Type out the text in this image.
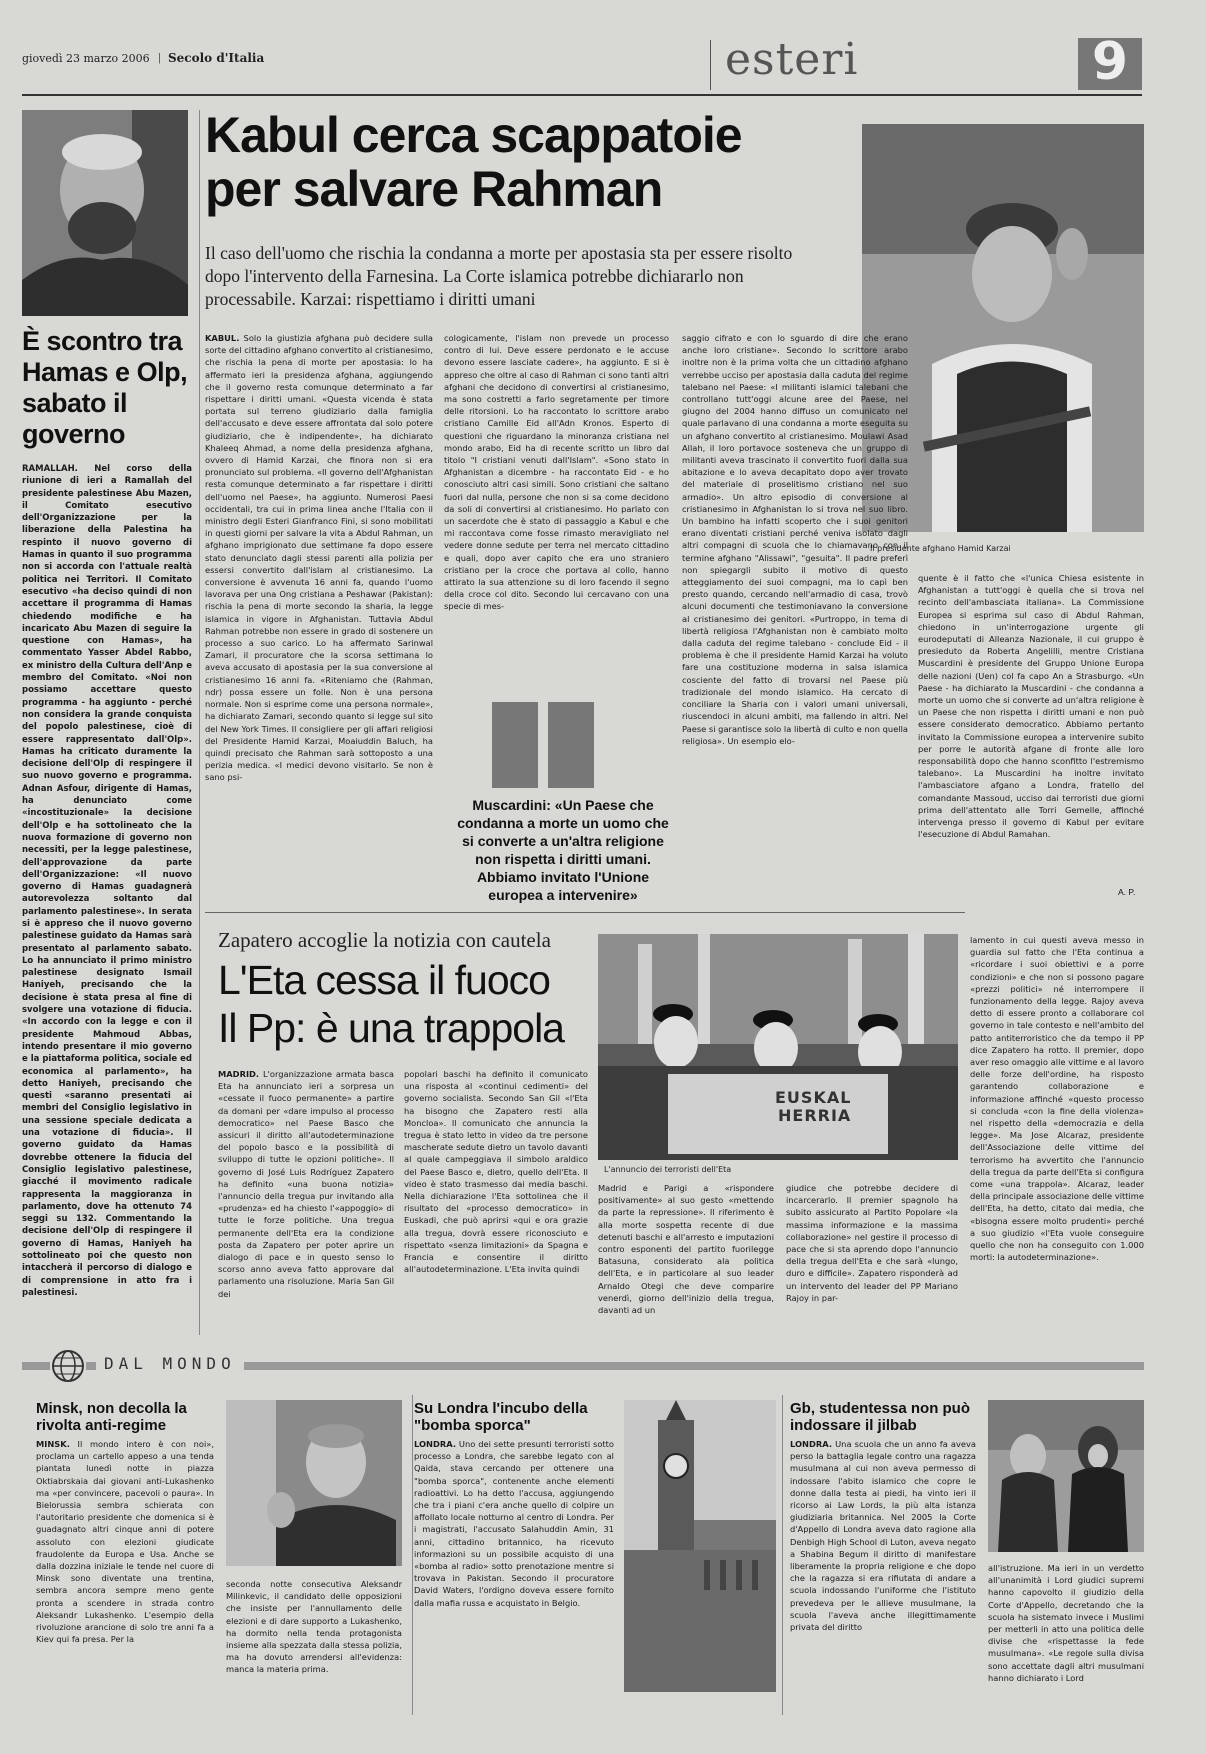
giovedì 23 marzo 2006 | Secolo d'Italia	esteri	9
È scontro tra Hamas e Olp, sabato il governo
RAMALLAH. Nel corso della riunione di ieri a Ramallah del presidente palestinese Abu Mazen, il Comitato esecutivo dell'Organizzazione per la liberazione della Palestina ha respinto il nuovo governo di Hamas in quanto il suo programma non si accorda con l'attuale realtà politica nei Territori. Il Comitato esecutivo «ha deciso quindi di non accettare il programma di Hamas chiedendo modifiche e ha incaricato Abu Mazen di seguire la questione con Hamas», ha commentato Yasser Abdel Rabbo, ex ministro della Cultura dell'Anp e membro del Comitato. «Noi non possiamo accettare questo programma - ha aggiunto - perché non considera la grande conquista del popolo palestinese, cioè di essere rappresentato dall'Olp». Hamas ha criticato duramente la decisione dell'Olp di respingere il suo nuovo governo e programma. Adnan Asfour, dirigente di Hamas, ha denunciato come «incostituzionale» la decisione dell'Olp e ha sottolineato che la nuova formazione di governo non necessiti, per la legge palestinese, dell'approvazione da parte dell'Organizzazione: «Il nuovo governo di Hamas guadagnerà autorevolezza soltanto dal parlamento palestinese». In serata si è appreso che il nuovo governo palestinese guidato da Hamas sarà presentato al parlamento sabato. Lo ha annunciato il primo ministro palestinese designato Ismail Haniyeh, precisando che la decisione è stata presa al fine di svolgere una votazione di fiducia. «In accordo con la legge e con il presidente Mahmoud Abbas, intendo presentare il mio governo e la piattaforma politica, sociale ed economica al parlamento», ha detto Haniyeh, precisando che questi «saranno presentati ai membri del Consiglio legislativo in una sessione speciale dedicata a una votazione di fiducia». Il governo guidato da Hamas dovrebbe ottenere la fiducia del Consiglio legislativo palestinese, giacché il movimento radicale rappresenta la maggioranza in parlamento, dove ha ottenuto 74 seggi su 132. Commentando la decisione dell'Olp di respingere il governo di Hamas, Haniyeh ha sottolineato poi che questo non intaccherà il percorso di dialogo e di comprensione in atto fra i palestinesi.
Kabul cerca scappatoie per salvare Rahman
Il caso dell'uomo che rischia la condanna a morte per apostasia sta per essere risolto dopo l'intervento della Farnesina. La Corte islamica potrebbe dichiararlo non processabile. Karzai: rispettiamo i diritti umani
Il presidente afghano Hamid Karzai
KABUL. Solo la giustizia afghana può decidere sulla sorte del cittadino afghano convertito al cristianesimo, che rischia la pena di morte per apostasia: lo ha affermato ieri la presidenza afghana, aggiungendo che il governo resta comunque determinato a far rispettare i diritti umani. «Questa vicenda è stata portata sul terreno giudiziario dalla famiglia dell'accusato e deve essere affrontata dal solo potere giudiziario, che è indipendente», ha dichiarato Khaleeq Ahmad, a nome della presidenza afghana, ovvero di Hamid Karzai, che finora non si era pronunciato sul problema. «Il governo dell'Afghanistan resta comunque determinato a far rispettare i diritti dell'uomo nel Paese», ha aggiunto. Numerosi Paesi occidentali, tra cui in prima linea anche l'Italia con il ministro degli Esteri Gianfranco Fini, si sono mobilitati in questi giorni per salvare la vita a Abdul Rahman, un afghano imprigionato due settimane fa dopo essere stato denunciato dagli stessi parenti alla polizia per essersi convertito dall'islam al cristianesimo. La conversione è avvenuta 16 anni fa, quando l'uomo lavorava per una Ong cristiana a Peshawar (Pakistan): rischia la pena di morte secondo la sharia, la legge islamica in vigore in Afghanistan. Tuttavia Abdul Rahman potrebbe non essere in grado di sostenere un processo a suo carico. Lo ha affermato Sarinwal Zamari, il procuratore che la scorsa settimana lo aveva accusato di apostasia per la sua conversione al cristianesimo 16 anni fa. «Riteniamo che (Rahman, ndr) possa essere un folle. Non è una persona normale. Non si esprime come una persona normale», ha dichiarato Zamari, secondo quanto si legge sul sito del New York Times. Il consigliere per gli affari religiosi del Presidente Hamid Karzai, Moaiuddin Baluch, ha quindi precisato che Rahman sarà sottoposto a una perizia medica. «I medici devono visitarlo. Se non è sano psi-
cologicamente, l'islam non prevede un processo contro di lui. Deve essere perdonato e le accuse devono essere lasciate cadere», ha aggiunto. E si è appreso che oltre al caso di Rahman ci sono tanti altri afghani che decidono di convertirsi al cristianesimo, ma sono costretti a farlo segretamente per timore delle ritorsioni. Lo ha raccontato lo scrittore arabo cristiano Camille Eid all'Adn Kronos. Esperto di questioni che riguardano la minoranza cristiana nel mondo arabo, Eid ha di recente scritto un libro dal titolo "I cristiani venuti dall'Islam". «Sono stato in Afghanistan a dicembre - ha raccontato Eid - e ho conosciuto altri casi simili. Sono cristiani che saltano fuori dal nulla, persone che non si sa come decidono da soli di convertirsi al cristianesimo. Ho parlato con un sacerdote che è stato di passaggio a Kabul e che mi raccontava come fosse rimasto meravigliato nel vedere donne sedute per terra nel mercato cittadino e quali, dopo aver capito che era uno straniero cristiano per la croce che portava al collo, hanno attirato la sua attenzione su di loro facendo il segno della croce col dito. Secondo lui cercavano con una specie di mes-
Muscardini: «Un Paese che condanna a morte un uomo che si converte a un'altra religione non rispetta i diritti umani. Abbiamo invitato l'Unione europea a intervenire»
saggio cifrato e con lo sguardo di dire che erano anche loro cristiane». Secondo lo scrittore arabo inoltre non è la prima volta che un cittadino afghano verrebbe ucciso per apostasia dalla caduta del regime talebano nel Paese: «I militanti islamici talebani che controllano tutt'oggi alcune aree del Paese, nel giugno del 2004 hanno diffuso un comunicato nel quale parlavano di una condanna a morte eseguita su un afghano convertito al cristianesimo. Moulawi Asad Allah, il loro portavoce sosteneva che un gruppo di militanti aveva trascinato il convertito fuori dalla sua abitazione e lo aveva decapitato dopo aver trovato del materiale di proselitismo cristiano nel suo armadio». Un altro episodio di conversione al cristianesimo in Afghanistan lo si trova nel suo libro. Un bambino ha infatti scoperto che i suoi genitori erano diventati cristiani perché veniva isolato dagli altri compagni di scuola che lo chiamavano con il termine afghano "Alissawi", "gesuita". Il padre preferì non spiegargli subito il motivo di questo atteggiamento dei suoi compagni, ma lo capì ben presto quando, cercando nell'armadio di casa, trovò alcuni documenti che testimoniavano la conversione al cristianesimo dei genitori. «Purtroppo, in tema di libertà religiosa l'Afghanistan non è cambiato molto dalla caduta del regime talebano - conclude Eid - il problema è che il presidente Hamid Karzai ha voluto fare una costituzione moderna in salsa islamica cosciente del fatto di trovarsi nel Paese più tradizionale del mondo islamico. Ha cercato di conciliare la Sharia con i valori umani universali, riuscendoci in alcuni ambiti, ma fallendo in altri. Nel Paese si garantisce solo la libertà di culto e non quella religiosa». Un esempio elo-
quente è il fatto che «l'unica Chiesa esistente in Afghanistan a tutt'oggi è quella che si trova nel recinto dell'ambasciata italiana». La Commissione Europea si esprima sul caso di Abdul Rahman, chiedono in un'interrogazione urgente gli eurodeputati di Alleanza Nazionale, il cui gruppo è presieduto da Roberta Angelilli, mentre Cristiana Muscardini è presidente del Gruppo Unione Europa delle nazioni (Uen) col fa capo An a Strasburgo. «Un Paese - ha dichiarato la Muscardini - che condanna a morte un uomo che si converte ad un'altra religione è un Paese che non rispetta i diritti umani e non può essere considerato democratico. Abbiamo pertanto invitato la Commissione europea a intervenire subito per porre le autorità afgane di fronte alle loro responsabilità dopo che hanno sconfitto l'estremismo talebano». La Muscardini ha inoltre invitato l'ambasciatore afgano a Londra, fratello del comandante Massoud, ucciso dai terroristi due giorni prima dell'attentato alle Torri Gemelle, affinché intervenga presso il governo di Kabul per evitare l'esecuzione di Abdul Ramahan.
A. P.
Zapatero accoglie la notizia con cautela
L'Eta cessa il fuoco
Il Pp: è una trappola
EUSKAL
HERRIA
L'annuncio dei terroristi dell'Eta
MADRID. L'organizzazione armata basca Eta ha annunciato ieri a sorpresa un «cessate il fuoco permanente» a partire da domani per «dare impulso al processo democratico» nel Paese Basco che assicuri il diritto all'autodeterminazione del popolo basco e la possibilità di sviluppo di tutte le opzioni politiche». Il governo di José Luis Rodríguez Zapatero ha definito «una buona notizia» l'annuncio della tregua pur invitando alla «prudenza» ed ha chiesto l'«appoggio» di tutte le forze politiche. Una tregua permanente dell'Eta era la condizione posta da Zapatero per poter aprire un dialogo di pace e in questo senso lo scorso anno aveva fatto approvare dal parlamento una risoluzione. Maria San Gil dei
popolari baschi ha definito il comunicato una risposta al «continui cedimenti» del governo socialista. Secondo San Gil «l'Eta ha bisogno che Zapatero resti alla Moncloa». Il comunicato che annuncia la tregua è stato letto in video da tre persone mascherate sedute dietro un tavolo davanti al quale campeggiava il simbolo araldico del Paese Basco e, dietro, quello dell'Eta. Il video è stato trasmesso dai media baschi. Nella dichiarazione l'Eta sottolinea che il risultato del «processo democratico» in Euskadi, che può aprirsi «qui e ora grazie alla tregua, dovrà essere riconosciuto e rispettato «senza limitazioni» da Spagna e Francia e consentire il diritto all'autodeterminazione. L'Eta invita quindi
Madrid e Parigi a «rispondere positivamente» al suo gesto «mettendo da parte la repressione». Il riferimento è alla morte sospetta recente di due detenuti baschi e all'arresto e imputazioni contro esponenti del partito fuorilegge Batasuna, considerato ala politica dell'Eta, e in particolare al suo leader Arnaldo Otegi che deve comparire venerdì, giorno dell'inizio della tregua, davanti ad un
giudice che potrebbe decidere di incarcerarlo. Il premier spagnolo ha subito assicurato al Partito Popolare «la massima informazione e la massima collaborazione» nel gestire il processo di pace che si sta aprendo dopo l'annuncio della tregua dell'Eta e che sarà «lungo, duro e difficile». Zapatero risponderà ad un intervento del leader del PP Mariano Rajoy in par-
lamento in cui questi aveva messo in guardia sul fatto che l'Eta continua a «ricordare i suoi obiettivi e a porre condizioni» e che non si possono pagare «prezzi politici» né interrompere il funzionamento della legge. Rajoy aveva detto di essere pronto a collaborare col governo in tale contesto e nell'ambito del patto antiterroristico che da tempo il PP dice Zapatero ha rotto. Il premier, dopo aver reso omaggio alle vittime e al lavoro delle forze dell'ordine, ha risposto garantendo collaborazione e informazione affinché «questo processo si concluda «con la fine della violenza» nel rispetto della «democrazia e della legge». Ma Jose Alcaraz, presidente dell'Associazione delle vittime del terrorismo ha avvertito che l'annuncio della tregua da parte dell'Eta si configura come «una trappola». Alcaraz, leader della principale associazione delle vittime dell'Eta, ha detto, citato dai media, che «bisogna essere molto prudenti» perché a suo giudizio «l'Eta vuole conseguire quello che non ha conseguito con 1.000 morti: la autodeterminazione».
DAL MONDO
Minsk, non decolla la rivolta anti-regime
MINSK. Il mondo intero è con noi», proclama un cartello appeso a una tenda piantata lunedì notte in piazza Oktiabrskaia dai giovani anti-Lukashenko ma «per convincere, pacevoli o paura». In Bielorussia sembra schierata con l'autoritario presidente che domenica si è guadagnato altri cinque anni di potere assoluto con elezioni giudicate fraudolente da Europa e Usa. Anche se dalla dozzina iniziale le tende nel cuore di Minsk sono diventate una trentina, sembra ancora sempre meno gente pronta a scendere in strada contro Aleksandr Lukashenko. L'esempio della rivoluzione arancione di solo tre anni fa a Kiev qui fa presa. Per la
seconda notte consecutiva Aleksandr Milinkevic, il candidato delle opposizioni che insiste per l'annullamento delle elezioni e di dare supporto a Lukashenko, ha dormito nella tenda protagonista insieme alla spezzata dalla stessa polizia, ma ha dovuto arrendersi all'evidenza: manca la materia prima.
Su Londra l'incubo della "bomba sporca"
LONDRA. Uno dei sette presunti terroristi sotto processo a Londra, che sarebbe legato con al Qaida, stava cercando per ottenere una "bomba sporca", contenente anche elementi radioattivi. Lo ha detto l'accusa, aggiungendo che tra i piani c'era anche quello di colpire un affollato locale notturno al centro di Londra. Per i magistrati, l'accusato Salahuddin Amin, 31 anni, cittadino britannico, ha ricevuto informazioni su un possibile acquisto di una «bomba al radio» sotto prenotazione mentre si trovava in Pakistan. Secondo il procuratore David Waters, l'ordigno doveva essere fornito dalla mafia russa e acquistato in Belgio.
Gb, studentessa non può indossare il jilbab
LONDRA. Una scuola che un anno fa aveva perso la battaglia legale contro una ragazza musulmana al cui non aveva permesso di indossare l'abito islamico che copre le donne dalla testa ai piedi, ha vinto ieri il ricorso ai Law Lords, la più alta istanza giudiziaria britannica. Nel 2005 la Corte d'Appello di Londra aveva dato ragione alla Denbigh High School di Luton, aveva negato a Shabina Begum il diritto di manifestare liberamente la propria religione e che dopo che la ragazza si era rifiutata di andare a scuola indossando l'uniforme che l'istituto prevedeva per le allieve musulmane, la scuola l'aveva anche illegittimamente privata del diritto
all'istruzione. Ma ieri in un verdetto all'unanimità i Lord giudici supremi hanno capovolto il giudizio della Corte d'Appello, decretando che la scuola ha sistemato invece i Muslimi per metterli in atto una politica delle divise che «rispettasse la fede musulmana». «Le regole sulla divisa sono accettate dagli altri musulmani hanno dichiarato i Lord
